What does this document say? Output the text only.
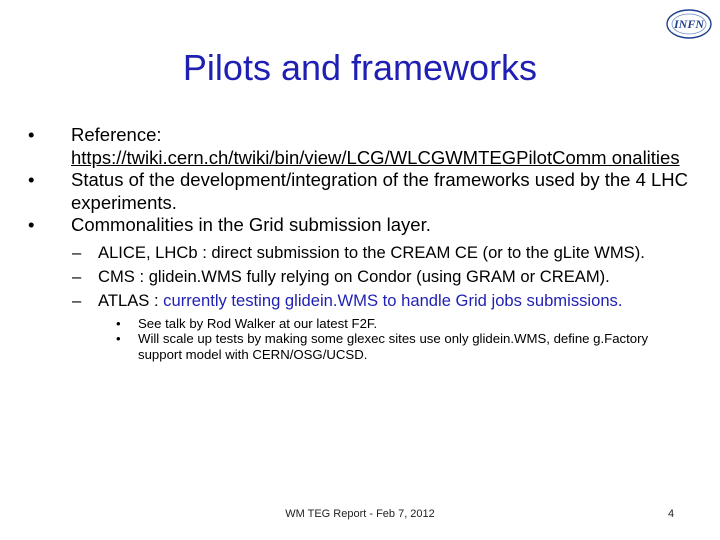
INFN
Pilots and frameworks
•	Reference:
https://twiki.cern.ch/twiki/bin/view/LCG/WLCGWMTEGPilotComm onalities
•	Status of the development/integration of the frameworks used by the 4 LHC experiments.
•	Commonalities in the Grid submission layer.
– ALICE, LHCb : direct submission to the CREAM CE (or to the gLite WMS).
– CMS : glidein.WMS fully relying on Condor (using GRAM or CREAM).
– ATLAS : currently testing glidein.WMS to handle Grid jobs submissions.
• See talk by Rod Walker at our latest F2F.
• Will scale up tests by making some glexec sites use only glidein.WMS, define g.Factory support model with CERN/OSG/UCSD.
WM TEG Report - Feb 7, 2012	4
